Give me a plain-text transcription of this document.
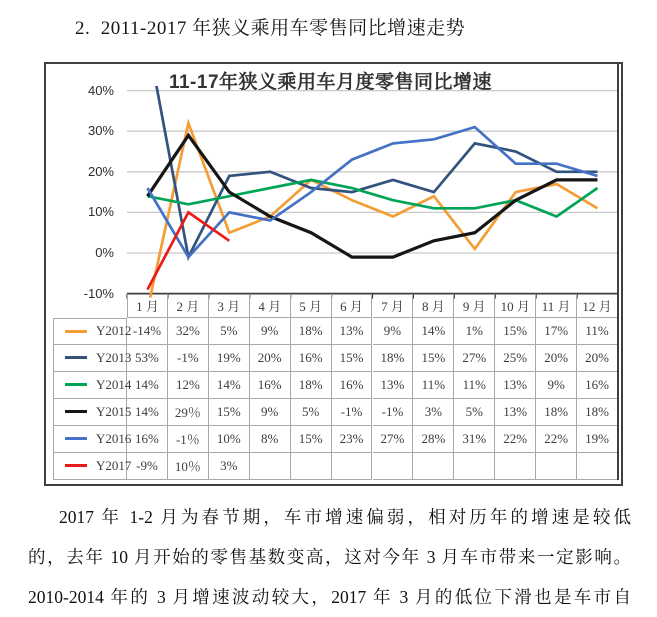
2.  2011-2017 年狭义乘用车零售同比增速走势
11-17年狭义乘用车月度零售同比增速
40%
30%
20%
10%
0%
-10%
1 月	2 月	3 月	4 月	5 月	6 月	7 月	8 月	9 月	10 月 11 月 12 月
Y2012 -14%	32%	5%	9%	18%	13%	9%	14%	1%	15%	17%	11%
Y2013 53%	-1%	19%	20%	16%	15%	18%	15%	27%	25%	20%	20%
Y2014 14%	12%	14%	16%	18%	16%	13%	11%	11%	13%	9%	16%
Y2015 14%	29％	15%	9%	5%	-1%	-1%	3%	5%	13%	18%	18%
Y2016 16%	-1％	10%	8%	15%	23%	27%	28%	31%	22%	22%	19%
Y2017 -9%	10％	3%
2017 年 1-2 月为春节期，车市增速偏弱，相对历年的增速是较低
的，去年 10 月开始的零售基数变高，这对今年 3 月车市带来一定影响。
2010-2014 年的 3 月增速波动较大，2017 年 3 月的低位下滑也是车市自
